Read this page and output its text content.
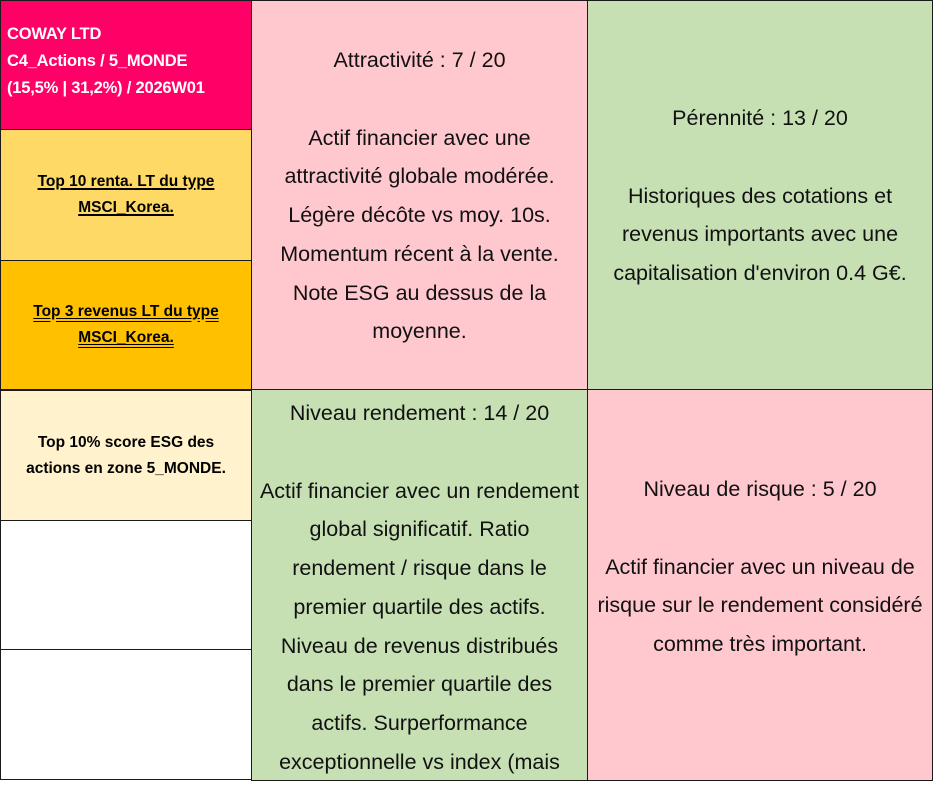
COWAY LTD
C4_Actions / 5_MONDE
(15,5% | 31,2%) / 2026W01
Top 10 renta. LT du type MSCI_Korea.
Top 3 revenus LT du type MSCI_Korea.
Top 10% score ESG des actions en zone 5_MONDE.
Attractivité : 7 / 20
Actif financier avec une attractivité globale modérée. Légère décôte vs moy. 10s. Momentum récent à la vente. Note ESG au dessus de la moyenne.
Pérennité : 13 / 20
Historiques des cotations et revenus importants avec une capitalisation d'environ 0.4 G€.
Niveau rendement : 14 / 20
Actif financier avec un rendement global significatif. Ratio rendement / risque dans le premier quartile des actifs. Niveau de revenus distribués dans le premier quartile des actifs. Surperformance exceptionnelle vs index (mais
Niveau de risque : 5 / 20
Actif financier avec un niveau de risque sur le rendement considéré comme très important.
